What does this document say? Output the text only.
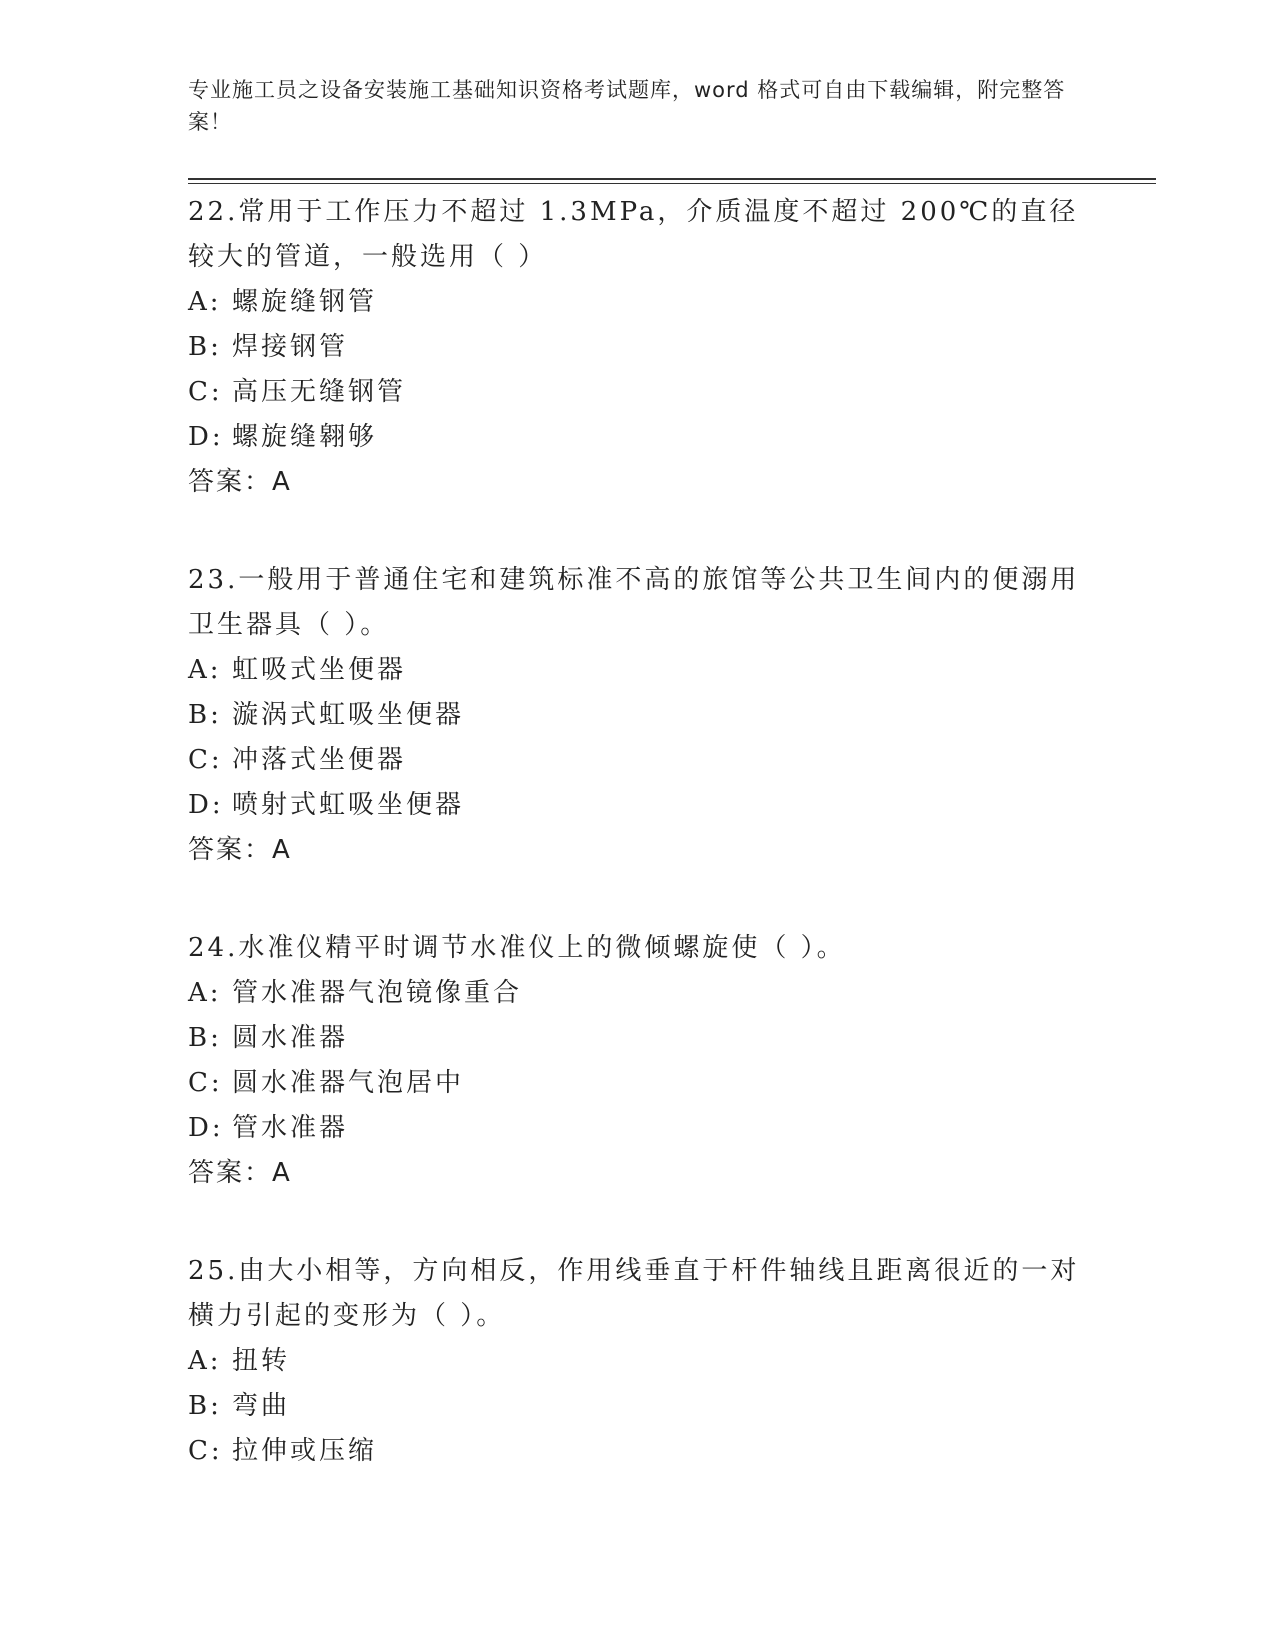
专业施工员之设备安装施工基础知识资格考试题库，word 格式可自由下载编辑，附完整答案！

22.常用于工作压力不超过 1.3MPa，介质温度不超过 200℃的直径较大的管道，一般选用（ ）

A: 螺旋缝钢管

B: 焊接钢管

C: 高压无缝钢管

D: 螺旋缝翱够

答案：A

23.一般用于普通住宅和建筑标准不高的旅馆等公共卫生间内的便溺用卫生器具（ ）。

A: 虹吸式坐便器

B: 漩涡式虹吸坐便器

C: 冲落式坐便器

D: 喷射式虹吸坐便器

答案：A

24.水准仪精平时调节水准仪上的微倾螺旋使（ ）。

A: 管水准器气泡镜像重合

B: 圆水准器

C: 圆水准器气泡居中

D: 管水准器

答案：A

25.由大小相等，方向相反，作用线垂直于杆件轴线且距离很近的一对横力引起的变形为（ ）。

A: 扭转

B: 弯曲

C: 拉伸或压缩
